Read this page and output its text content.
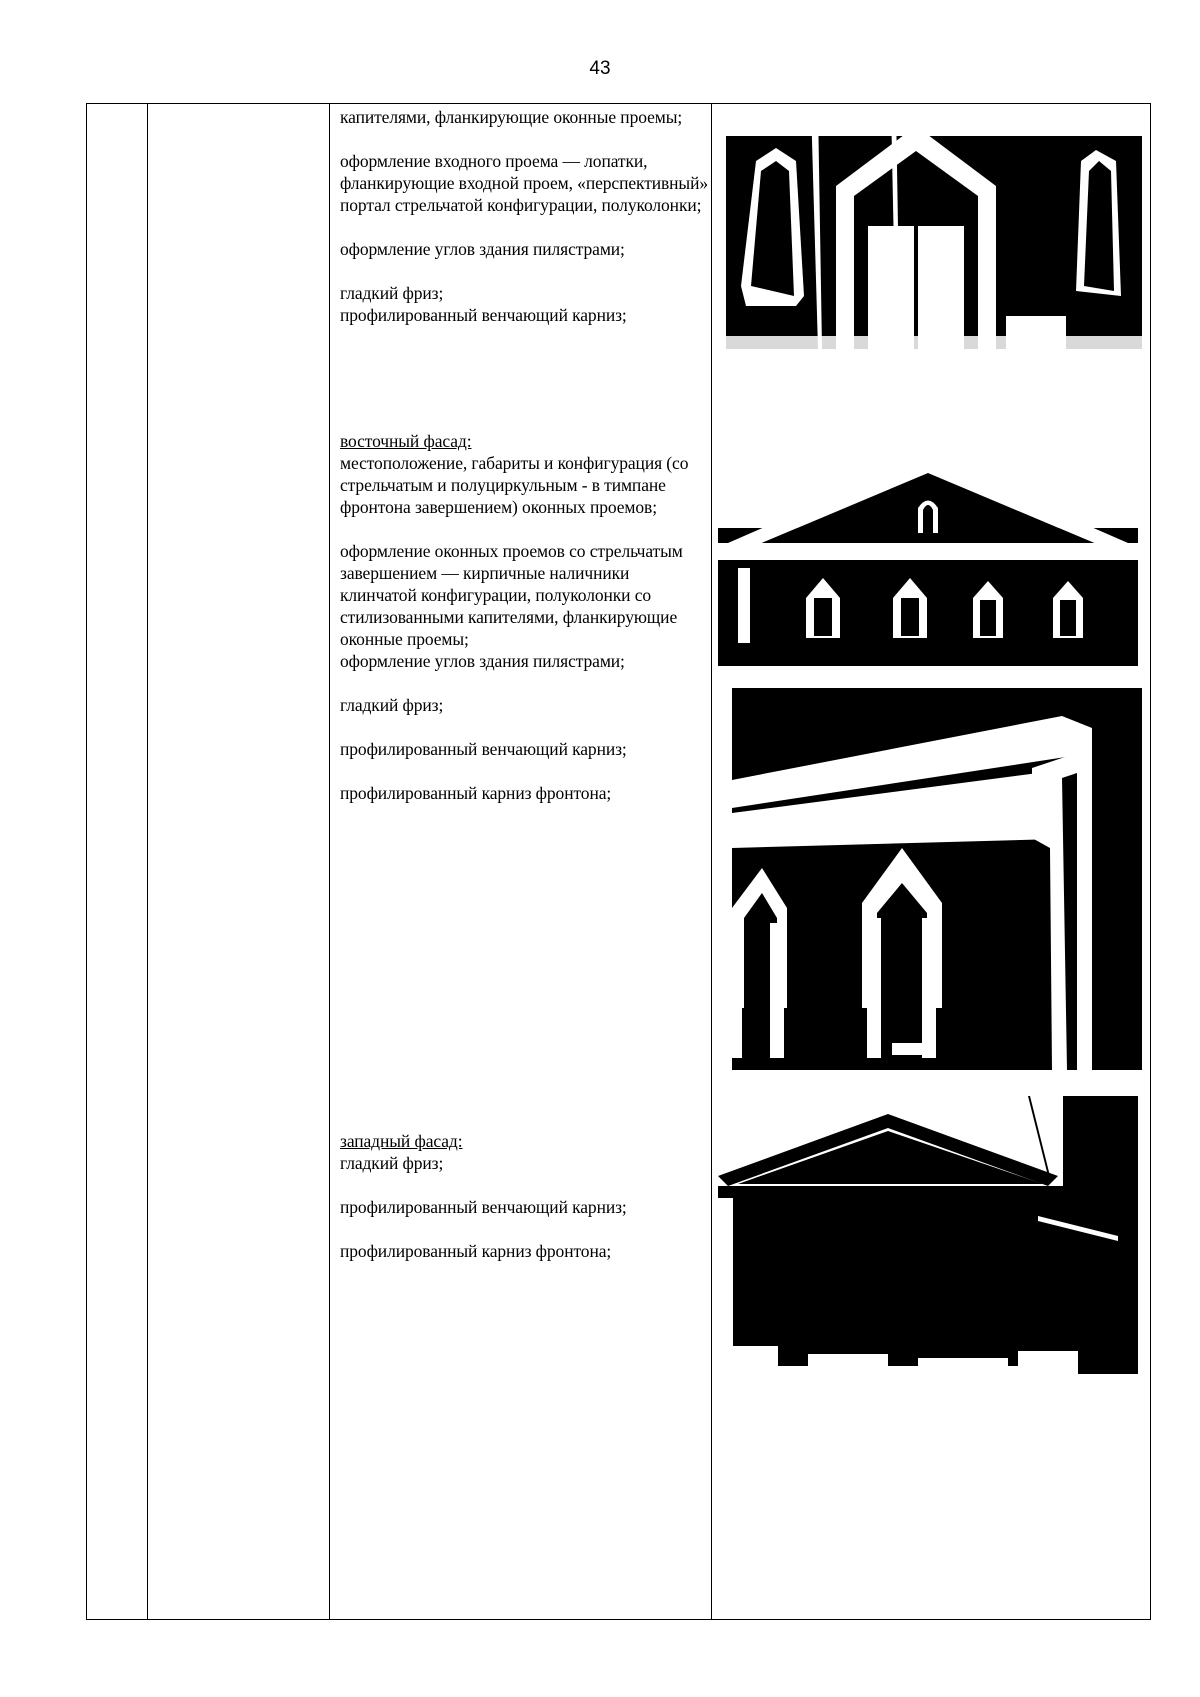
43

капителями, фланкирующие оконные проемы;

оформление входного проема — лопатки, фланкирующие входной проем, «перспективный» портал стрельчатой конфигурации, полуколонки;

оформление углов здания пилястрами;

гладкий фриз;

профилированный венчающий карниз;

восточный фасад:

местоположение, габариты и конфигурация (со стрельчатым и полуциркульным - в тимпане фронтона завершением) оконных проемов;

оформление оконных проемов со стрельчатым завершением — кирпичные наличники клинчатой конфигурации, полуколонки со стилизованными капителями, фланкирующие оконные проемы;

оформление углов здания пилястрами;

гладкий фриз;

профилированный венчающий карниз;

профилированный карниз фронтона;

западный фасад:

гладкий фриз;

профилированный венчающий карниз;

профилированный карниз фронтона;
